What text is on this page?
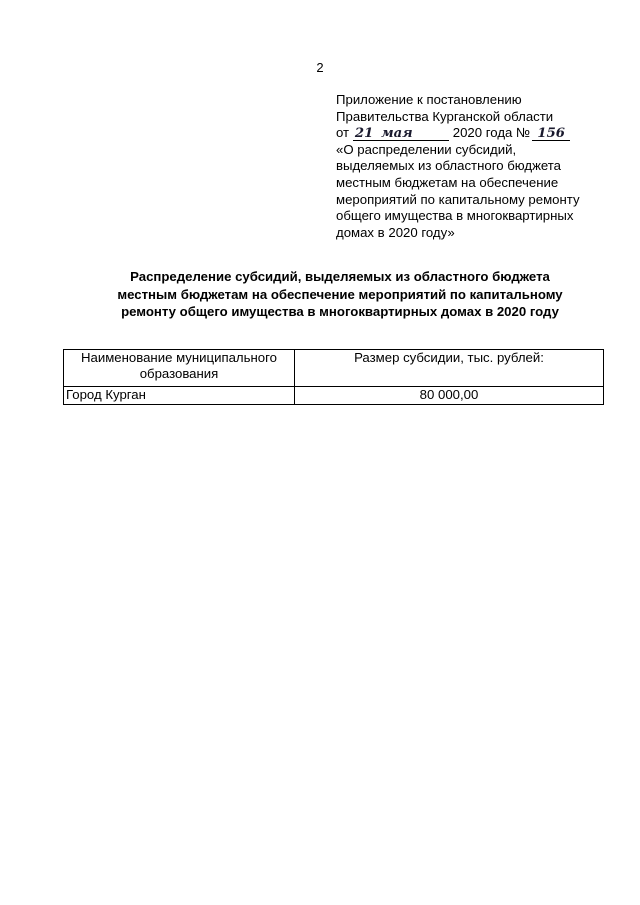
2
Приложение к постановлению
Правительства Курганской области
от 21 мая	2020 года № 156
«О распределении субсидий,
выделяемых из областного бюджета
местным бюджетам на обеспечение
мероприятий по капитальному ремонту
общего имущества в многоквартирных
домах в 2020 году»
Распределение субсидий, выделяемых из областного бюджета
местным бюджетам на обеспечение мероприятий по капитальному
ремонту общего имущества в многоквартирных домах в 2020 году
Наименование муниципального образования	Размер субсидии, тыс. рублей:
Город Курган	80 000,00
